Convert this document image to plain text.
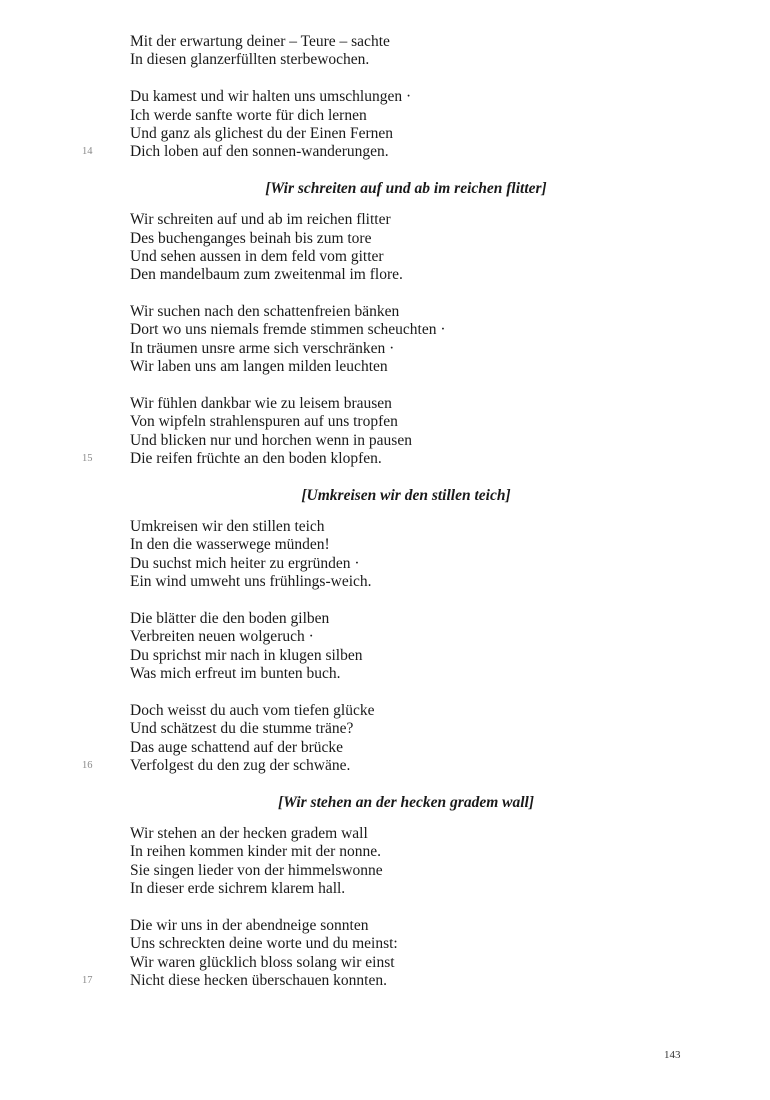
Mit der erwartung deiner – Teure – sachte
In diesen glanzerfüllten sterbewochen.
Du kamest und wir halten uns umschlungen ·
Ich werde sanfte worte für dich lernen
Und ganz als glichest du der Einen Fernen
Dich loben auf den sonnen-wanderungen.
14
[Wir schreiten auf und ab im reichen flitter]
Wir schreiten auf und ab im reichen flitter
Des buchenganges beinah bis zum tore
Und sehen aussen in dem feld vom gitter
Den mandelbaum zum zweitenmal im flore.
Wir suchen nach den schattenfreien bänken
Dort wo uns niemals fremde stimmen scheuchten ·
In träumen unsre arme sich verschränken ·
Wir laben uns am langen milden leuchten
Wir fühlen dankbar wie zu leisem brausen
Von wipfeln strahlenspuren auf uns tropfen
Und blicken nur und horchen wenn in pausen
Die reifen früchte an den boden klopfen.
15
[Umkreisen wir den stillen teich]
Umkreisen wir den stillen teich
In den die wasserwege münden!
Du suchst mich heiter zu ergründen ·
Ein wind umweht uns frühlings-weich.
Die blätter die den boden gilben
Verbreiten neuen wolgeruch ·
Du sprichst mir nach in klugen silben
Was mich erfreut im bunten buch.
Doch weisst du auch vom tiefen glücke
Und schätzest du die stumme träne?
Das auge schattend auf der brücke
Verfolgest du den zug der schwäne.
16
[Wir stehen an der hecken gradem wall]
Wir stehen an der hecken gradem wall
In reihen kommen kinder mit der nonne.
Sie singen lieder von der himmelswonne
In dieser erde sichrem klarem hall.
Die wir uns in der abendneige sonnten
Uns schreckten deine worte und du meinst:
Wir waren glücklich bloss solang wir einst
Nicht diese hecken überschauen konnten.
17
143
